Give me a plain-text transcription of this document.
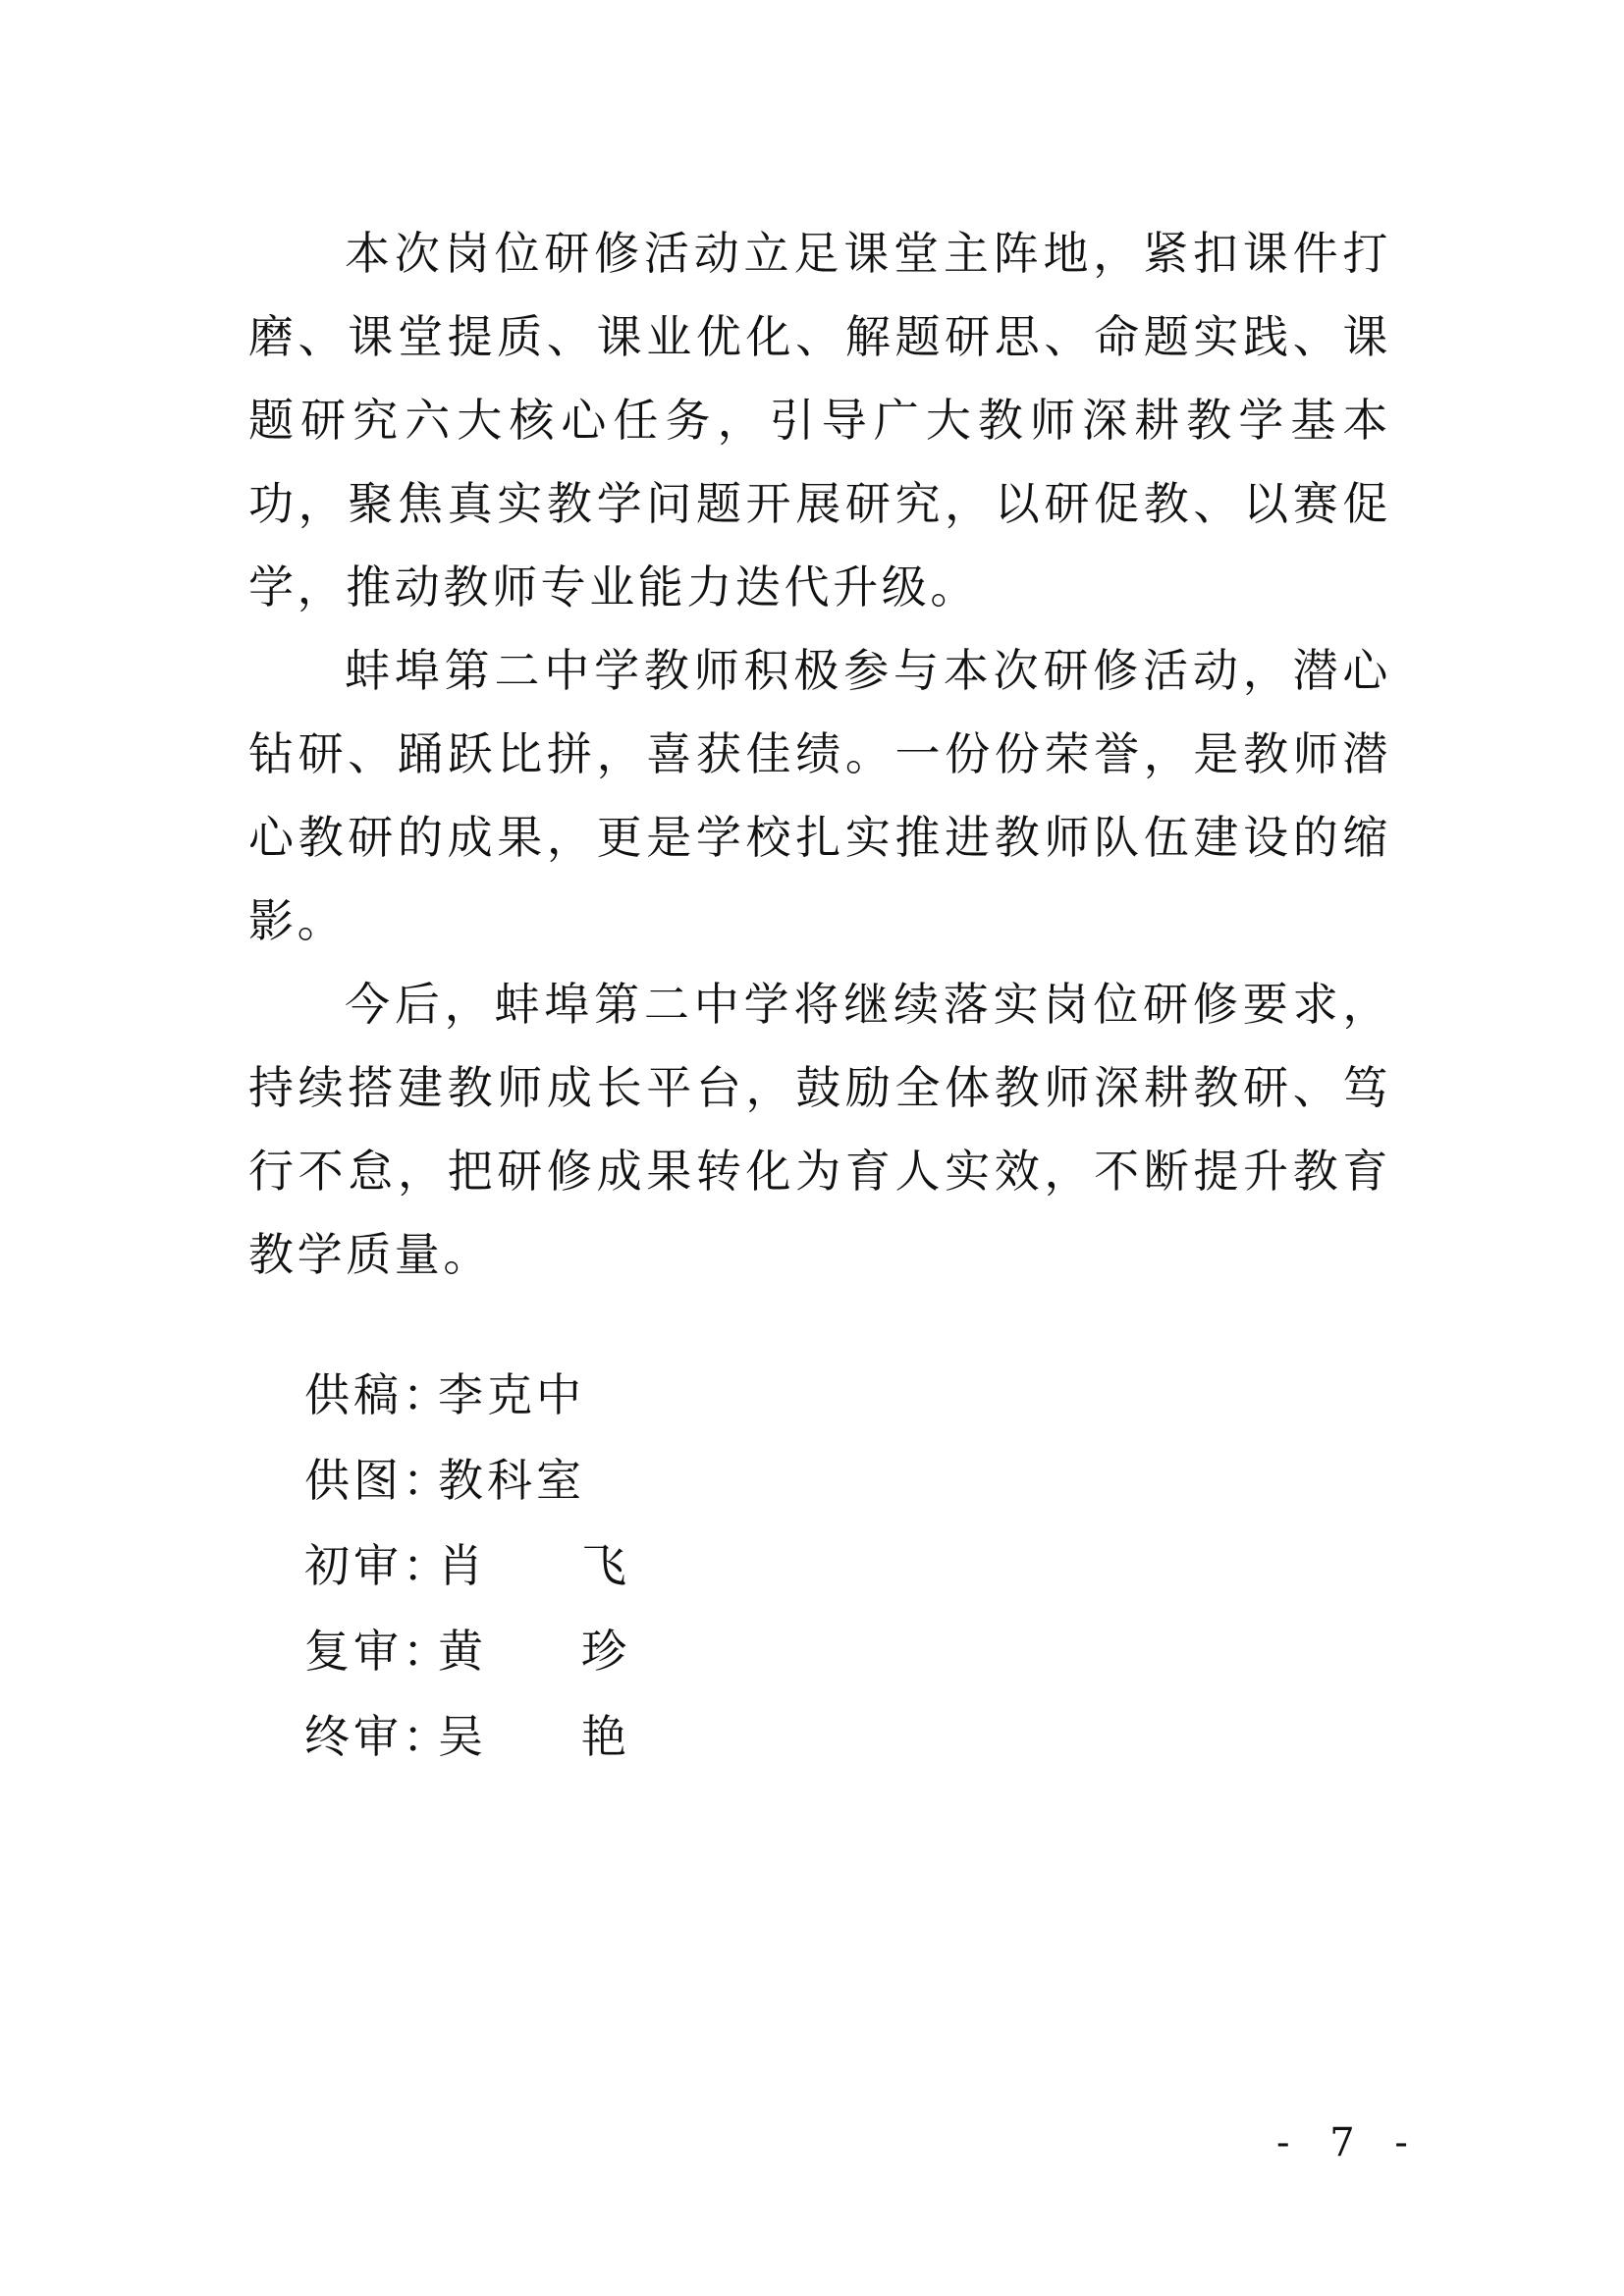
本次岗位研修活动立足课堂主阵地，紧扣课件打磨、课堂提质、课业优化、解题研思、命题实践、课题研究六大核心任务，引导广大教师深耕教学基本功，聚焦真实教学问题开展研究，以研促教、以赛促学，推动教师专业能力迭代升级。

蚌埠第二中学教师积极参与本次研修活动，潜心钻研、踊跃比拼，喜获佳绩。一份份荣誉，是教师潜心教研的成果，更是学校扎实推进教师队伍建设的缩影。

今后，蚌埠第二中学将继续落实岗位研修要求，持续搭建教师成长平台，鼓励全体教师深耕教研、笃行不怠，把研修成果转化为育人实效，不断提升教育教学质量。

供稿 ：
李克中
供图 ：
教科室
初审 ：
肖 飞
复审 ：
黄 珍
终审 ：
吴 艳
- 7 -
